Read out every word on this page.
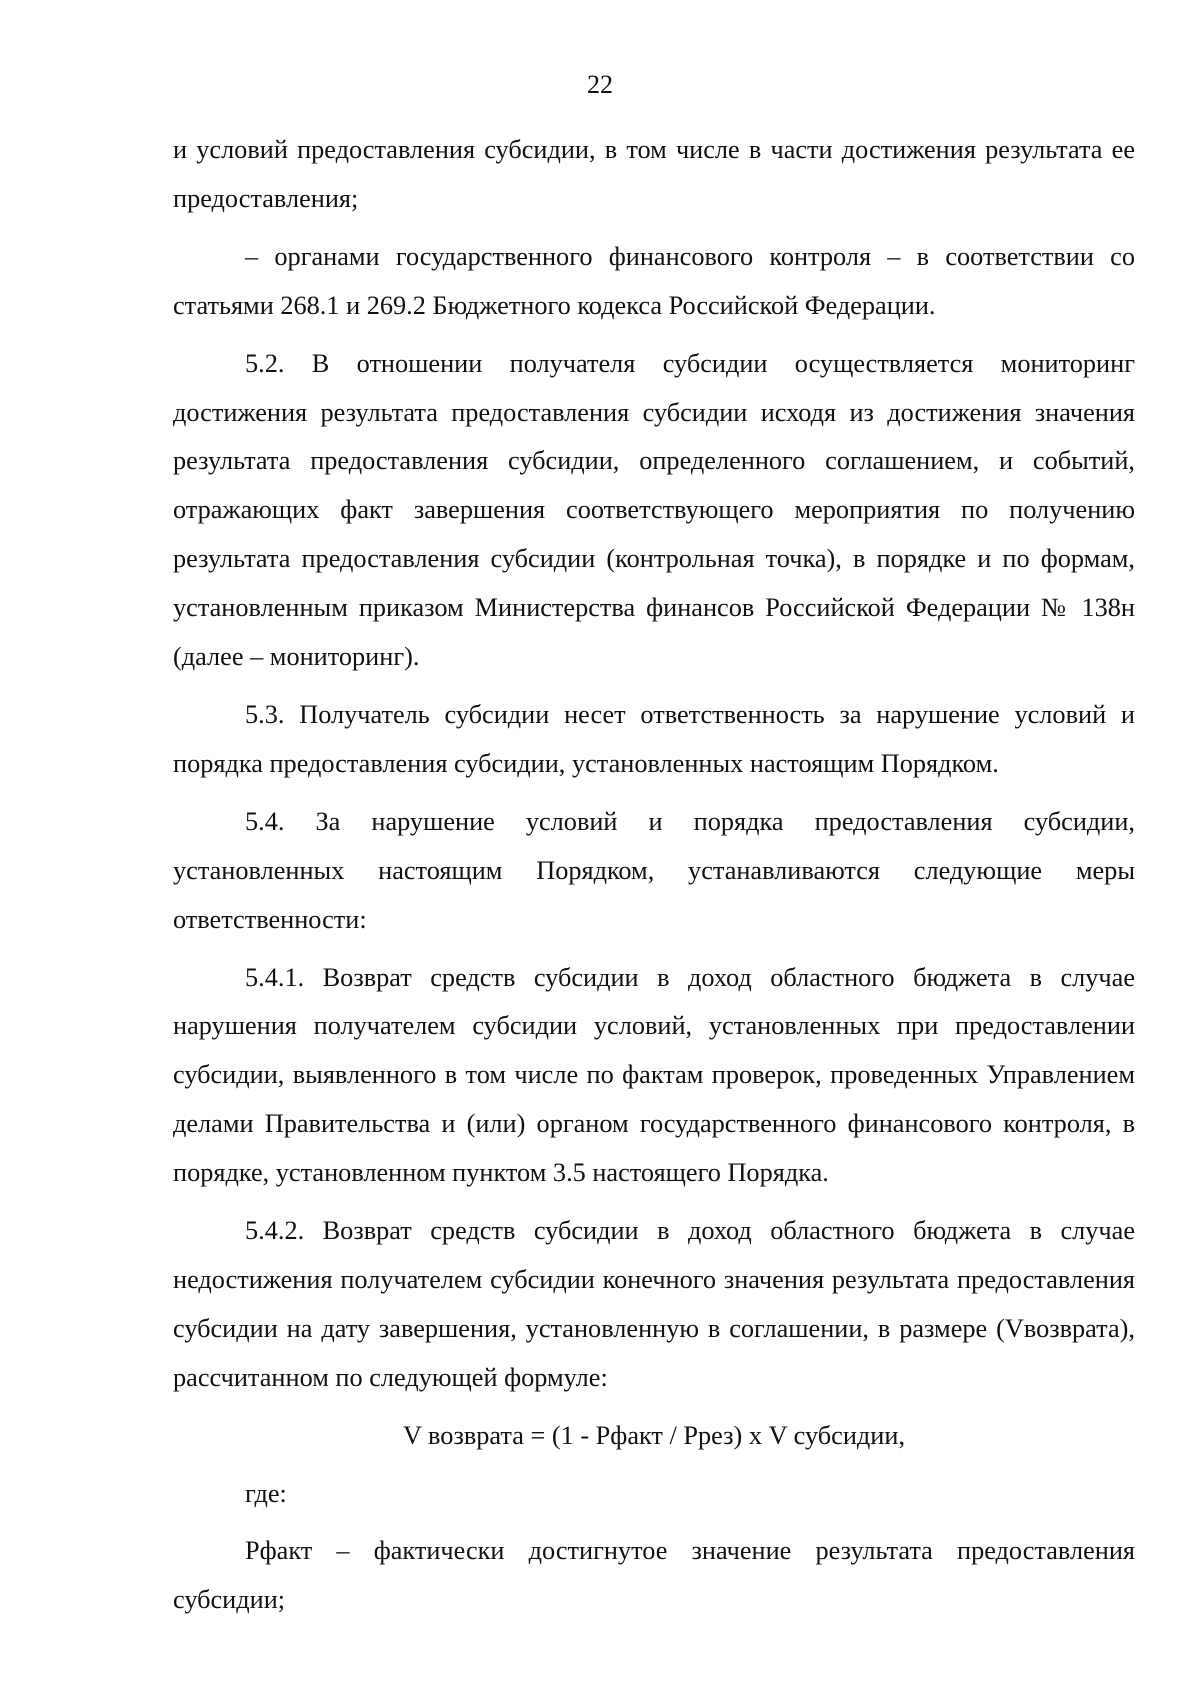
22

и условий предоставления субсидии, в том числе в части достижения результата ее предоставления;

– органами государственного финансового контроля – в соответствии со статьями 268.1 и 269.2 Бюджетного кодекса Российской Федерации.

5.2. В отношении получателя субсидии осуществляется мониторинг достижения результата предоставления субсидии исходя из достижения значения результата предоставления субсидии, определенного соглашением, и событий, отражающих факт завершения соответствующего мероприятия по получению результата предоставления субсидии (контрольная точка), в порядке и по формам, установленным приказом Министерства финансов Российской Федерации № 138н (далее – мониторинг).

5.3. Получатель субсидии несет ответственность за нарушение условий и порядка предоставления субсидии, установленных настоящим Порядком.

5.4. За нарушение условий и порядка предоставления субсидии, установленных настоящим Порядком, устанавливаются следующие меры ответственности:

5.4.1. Возврат средств субсидии в доход областного бюджета в случае нарушения получателем субсидии условий, установленных при предоставлении субсидии, выявленного в том числе по фактам проверок, проведенных Управлением делами Правительства и (или) органом государственного финансового контроля, в порядке, установленном пунктом 3.5 настоящего Порядка.

5.4.2. Возврат средств субсидии в доход областного бюджета в случае недостижения получателем субсидии конечного значения результата предоставления субсидии на дату завершения, установленную в соглашении, в размере (Vвозврата), рассчитанном по следующей формуле:

V возврата = (1 - Рфакт / Ррез) х V субсидии,

где:

Рфакт – фактически достигнутое значение результата предоставления субсидии;
